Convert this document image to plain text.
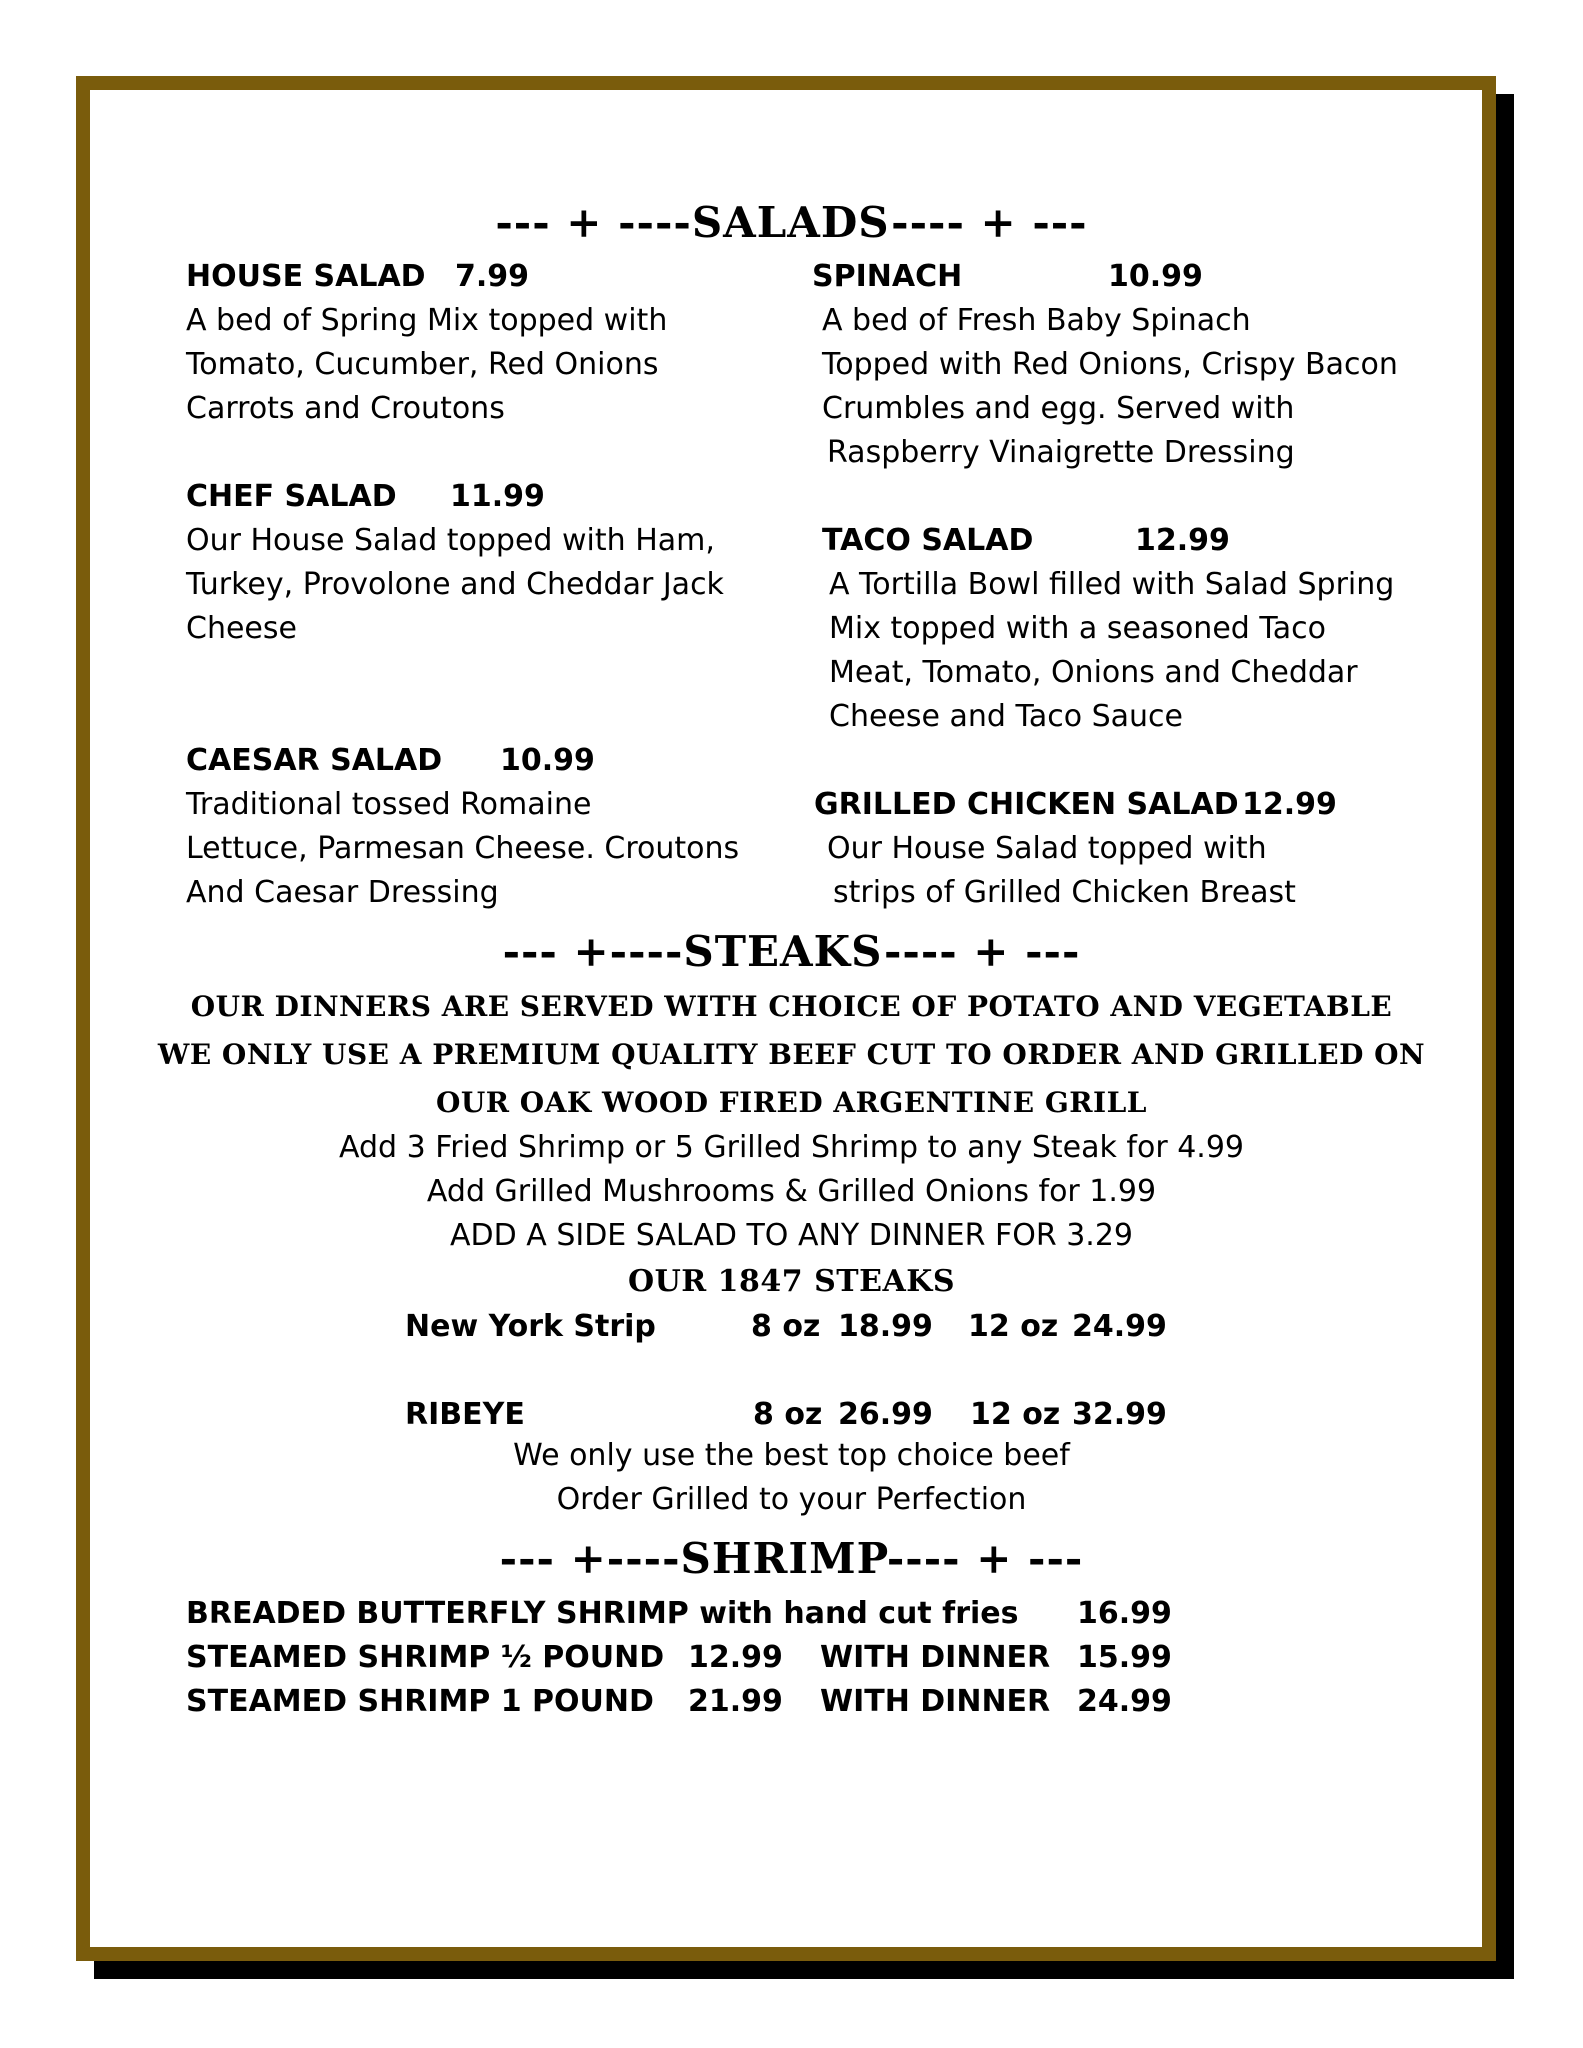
--- + ----SALADS---- + ---
HOUSE SALAD 7.99
A bed of Spring Mix topped with
Tomato, Cucumber, Red Onions
Carrots and Croutons
SPINACH	10.99
A bed of Fresh Baby Spinach
Topped with Red Onions, Crispy Bacon
Crumbles and egg. Served with
Raspberry Vinaigrette Dressing
CHEF SALAD 11.99
Our House Salad topped with Ham,
Turkey, Provolone and Cheddar Jack
Cheese
TACO SALAD	12.99
A Tortilla Bowl filled with Salad Spring
Mix topped with a seasoned Taco
Meat, Tomato, Onions and Cheddar
Cheese and Taco Sauce
CAESAR SALAD 10.99
Traditional tossed Romaine
Lettuce, Parmesan Cheese. Croutons
And Caesar Dressing
GRILLED CHICKEN SALAD 12.99
Our House Salad topped with
strips of Grilled Chicken Breast
--- +----STEAKS---- + ---
OUR DINNERS ARE SERVED WITH CHOICE OF POTATO AND VEGETABLE
WE ONLY USE A PREMIUM QUALITY BEEF CUT TO ORDER AND GRILLED ON
OUR OAK WOOD FIRED ARGENTINE GRILL
Add 3 Fried Shrimp or 5 Grilled Shrimp to any Steak for 4.99
Add Grilled Mushrooms & Grilled Onions for 1.99
ADD A SIDE SALAD TO ANY DINNER FOR 3.29
OUR 1847 STEAKS
New York Strip	8 oz 18.99 12 oz 24.99
RIBEYE	8 oz 26.99 12 oz 32.99
We only use the best top choice beef
Order Grilled to your Perfection
--- +----SHRIMP---- + ---
BREADED BUTTERFLY SHRIMP with hand cut fries 16.99
STEAMED SHRIMP ½ POUND 12.99 WITH DINNER 15.99
STEAMED SHRIMP 1 POUND 21.99 WITH DINNER 24.99
